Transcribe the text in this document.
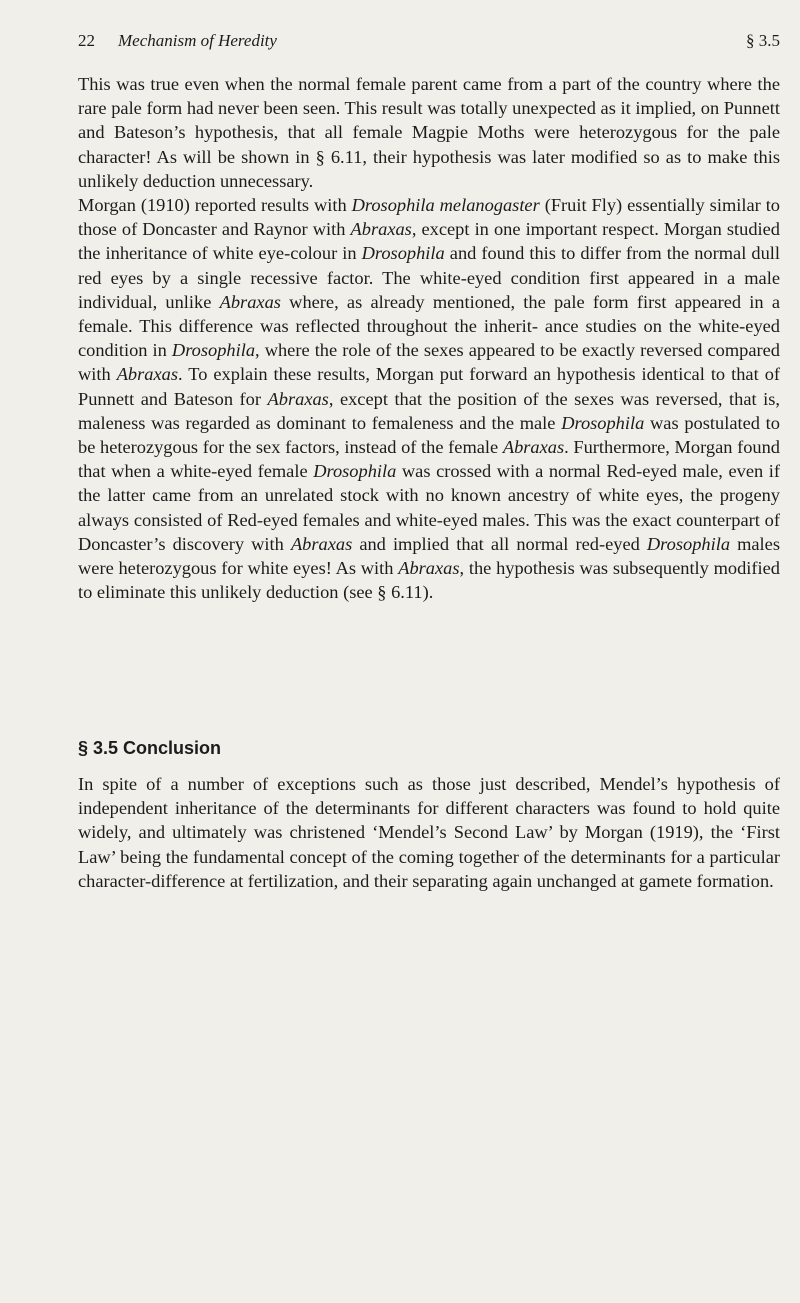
22 Mechanism of Heredity	§ 3.5

This was true even when the normal female parent came from a part of the country where the rare pale form had never been seen. This result was totally unexpected as it implied, on Punnett and Bateson’s hypothesis, that all female Magpie Moths were heterozygous for the pale character! As will be shown in § 6.11, their hypothesis was later modified so as to make this unlikely deduction unnecessary.

Morgan (1910) reported results with Drosophila melanogaster (Fruit Fly) essentially similar to those of Doncaster and Raynor with Abraxas, except in one important respect. Morgan studied the inheritance of white eye-colour in Drosophila and found this to differ from the normal dull red eyes by a single recessive factor. The white-eyed condition first appeared in a male individual, unlike Abraxas where, as already mentioned, the pale form first appeared in a female. This difference was reflected throughout the inherit- ance studies on the white-eyed condition in Drosophila, where the role of the sexes appeared to be exactly reversed compared with Abraxas. To explain these results, Morgan put forward an hypothesis identical to that of Punnett and Bateson for Abraxas, except that the position of the sexes was reversed, that is, maleness was regarded as dominant to femaleness and the male Drosophila was postulated to be heterozygous for the sex factors, instead of the female Abraxas. Furthermore, Morgan found that when a white-eyed female Drosophila was crossed with a normal Red-eyed male, even if the latter came from an unrelated stock with no known ancestry of white eyes, the progeny always consisted of Red-eyed females and white-eyed males. This was the exact counterpart of Doncaster’s discovery with Abraxas and implied that all normal red-eyed Drosophila males were heterozygous for white eyes! As with Abraxas, the hypothesis was subsequently modified to eliminate this unlikely deduction (see § 6.11).

§ 3.5 Conclusion

In spite of a number of exceptions such as those just described, Mendel’s hypothesis of independent inheritance of the determinants for different characters was found to hold quite widely, and ultimately was christened ‘Mendel’s Second Law’ by Morgan (1919), the ‘First Law’ being the fundamental concept of the coming together of the determinants for a particular character-difference at fertilization, and their separating again unchanged at gamete formation.
